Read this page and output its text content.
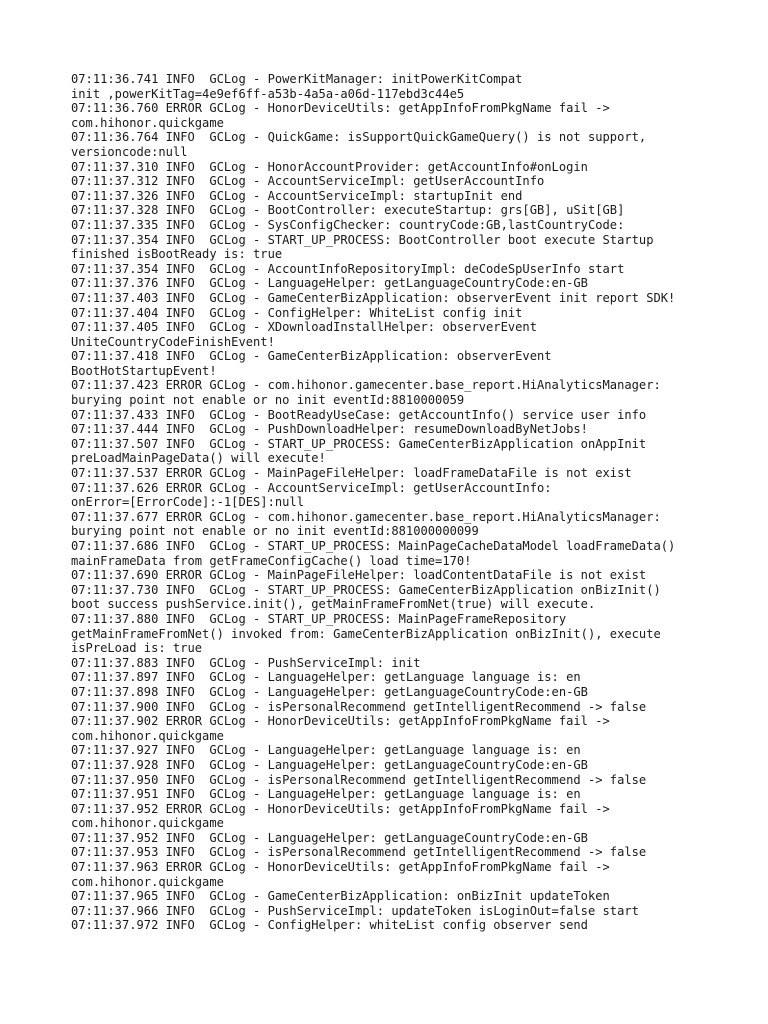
07:11:36.741 INFO  GCLog - PowerKitManager: initPowerKitCompat
init ,powerKitTag=4e9ef6ff-a53b-4a5a-a06d-117ebd3c44e5
07:11:36.760 ERROR GCLog - HonorDeviceUtils: getAppInfoFromPkgName fail ->
com.hihonor.quickgame
07:11:36.764 INFO  GCLog - QuickGame: isSupportQuickGameQuery() is not support,
versioncode:null
07:11:37.310 INFO  GCLog - HonorAccountProvider: getAccountInfo#onLogin
07:11:37.312 INFO  GCLog - AccountServiceImpl: getUserAccountInfo
07:11:37.326 INFO  GCLog - AccountServiceImpl: startupInit end
07:11:37.328 INFO  GCLog - BootController: executeStartup: grs[GB], uSit[GB]
07:11:37.335 INFO  GCLog - SysConfigChecker: countryCode:GB,lastCountryCode:
07:11:37.354 INFO  GCLog - START_UP_PROCESS: BootController boot execute Startup
finished isBootReady is: true
07:11:37.354 INFO  GCLog - AccountInfoRepositoryImpl: deCodeSpUserInfo start
07:11:37.376 INFO  GCLog - LanguageHelper: getLanguageCountryCode:en-GB
07:11:37.403 INFO  GCLog - GameCenterBizApplication: observerEvent init report SDK!
07:11:37.404 INFO  GCLog - ConfigHelper: WhiteList config init
07:11:37.405 INFO  GCLog - XDownloadInstallHelper: observerEvent
UniteCountryCodeFinishEvent!
07:11:37.418 INFO  GCLog - GameCenterBizApplication: observerEvent
BootHotStartupEvent!
07:11:37.423 ERROR GCLog - com.hihonor.gamecenter.base_report.HiAnalyticsManager:
burying point not enable or no init eventId:8810000059
07:11:37.433 INFO  GCLog - BootReadyUseCase: getAccountInfo() service user info
07:11:37.444 INFO  GCLog - PushDownloadHelper: resumeDownloadByNetJobs!
07:11:37.507 INFO  GCLog - START_UP_PROCESS: GameCenterBizApplication onAppInit
preLoadMainPageData() will execute!
07:11:37.537 ERROR GCLog - MainPageFileHelper: loadFrameDataFile is not exist
07:11:37.626 ERROR GCLog - AccountServiceImpl: getUserAccountInfo:
onError=[ErrorCode]:-1[DES]:null
07:11:37.677 ERROR GCLog - com.hihonor.gamecenter.base_report.HiAnalyticsManager:
burying point not enable or no init eventId:881000000099
07:11:37.686 INFO  GCLog - START_UP_PROCESS: MainPageCacheDataModel loadFrameData()
mainFrameData from getFrameConfigCache() load time=170!
07:11:37.690 ERROR GCLog - MainPageFileHelper: loadContentDataFile is not exist
07:11:37.730 INFO  GCLog - START_UP_PROCESS: GameCenterBizApplication onBizInit()
boot success pushService.init(), getMainFrameFromNet(true) will execute.
07:11:37.880 INFO  GCLog - START_UP_PROCESS: MainPageFrameRepository
getMainFrameFromNet() invoked from: GameCenterBizApplication onBizInit(), execute
isPreLoad is: true
07:11:37.883 INFO  GCLog - PushServiceImpl: init
07:11:37.897 INFO  GCLog - LanguageHelper: getLanguage language is: en
07:11:37.898 INFO  GCLog - LanguageHelper: getLanguageCountryCode:en-GB
07:11:37.900 INFO  GCLog - isPersonalRecommend getIntelligentRecommend -> false
07:11:37.902 ERROR GCLog - HonorDeviceUtils: getAppInfoFromPkgName fail ->
com.hihonor.quickgame
07:11:37.927 INFO  GCLog - LanguageHelper: getLanguage language is: en
07:11:37.928 INFO  GCLog - LanguageHelper: getLanguageCountryCode:en-GB
07:11:37.950 INFO  GCLog - isPersonalRecommend getIntelligentRecommend -> false
07:11:37.951 INFO  GCLog - LanguageHelper: getLanguage language is: en
07:11:37.952 ERROR GCLog - HonorDeviceUtils: getAppInfoFromPkgName fail ->
com.hihonor.quickgame
07:11:37.952 INFO  GCLog - LanguageHelper: getLanguageCountryCode:en-GB
07:11:37.953 INFO  GCLog - isPersonalRecommend getIntelligentRecommend -> false
07:11:37.963 ERROR GCLog - HonorDeviceUtils: getAppInfoFromPkgName fail ->
com.hihonor.quickgame
07:11:37.965 INFO  GCLog - GameCenterBizApplication: onBizInit updateToken
07:11:37.966 INFO  GCLog - PushServiceImpl: updateToken isLoginOut=false start
07:11:37.972 INFO  GCLog - ConfigHelper: whiteList config observer send
